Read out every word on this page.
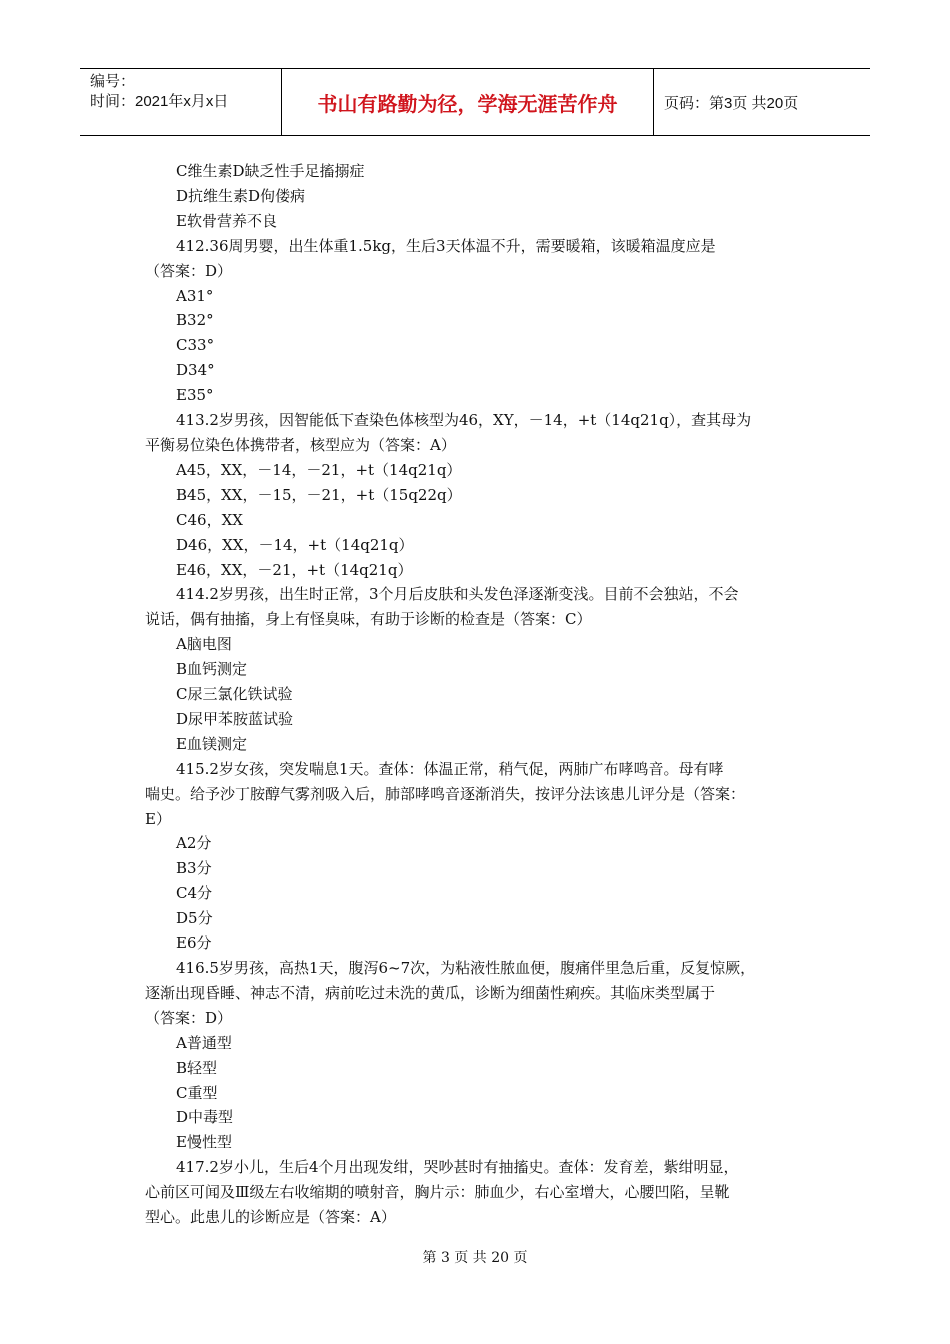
编号：
时间：2021年x月x日	书山有路勤为径，学海无涯苦作舟	页码：第3页 共20页
C维生素D缺乏性手足搐搦症
D抗维生素D佝偻病
E软骨营养不良
412.36周男婴，出生体重1.5kg，生后3天体温不升，需要暖箱，该暖箱温度应是
（答案：D）
A31°
B32°
C33°
D34°
E35°
413.2岁男孩，因智能低下查染色体核型为46，XY，－14，+t（14q21q），查其母为
平衡易位染色体携带者，核型应为（答案：A）
A45，XX，－14，－21，+t（14q21q）
B45，XX，－15，－21，+t（15q22q）
C46，XX
D46，XX，－14，+t（14q21q）
E46，XX，－21，+t（14q21q）
414.2岁男孩，出生时正常，3个月后皮肤和头发色泽逐渐变浅。目前不会独站，不会
说话，偶有抽搐，身上有怪臭味，有助于诊断的检查是（答案：C）
A脑电图
B血钙测定
C尿三氯化铁试验
D尿甲苯胺蓝试验
E血镁测定
415.2岁女孩，突发喘息1天。查体：体温正常，稍气促，两肺广布哮鸣音。母有哮
喘史。给予沙丁胺醇气雾剂吸入后，肺部哮鸣音逐渐消失，按评分法该患儿评分是（答案：
E）
A2分
B3分
C4分
D5分
E6分
416.5岁男孩，高热1天，腹泻6~7次，为粘液性脓血便，腹痛伴里急后重，反复惊厥，
逐渐出现昏睡、神志不清，病前吃过未洗的黄瓜，诊断为细菌性痢疾。其临床类型属于
（答案：D）
A普通型
B轻型
C重型
D中毒型
E慢性型
417.2岁小儿，生后4个月出现发绀，哭吵甚时有抽搐史。查体：发育差，紫绀明显，
心前区可闻及Ⅲ级左右收缩期的喷射音，胸片示：肺血少，右心室增大，心腰凹陷，呈靴
型心。此患儿的诊断应是（答案：A）
第 3 页 共 20 页
